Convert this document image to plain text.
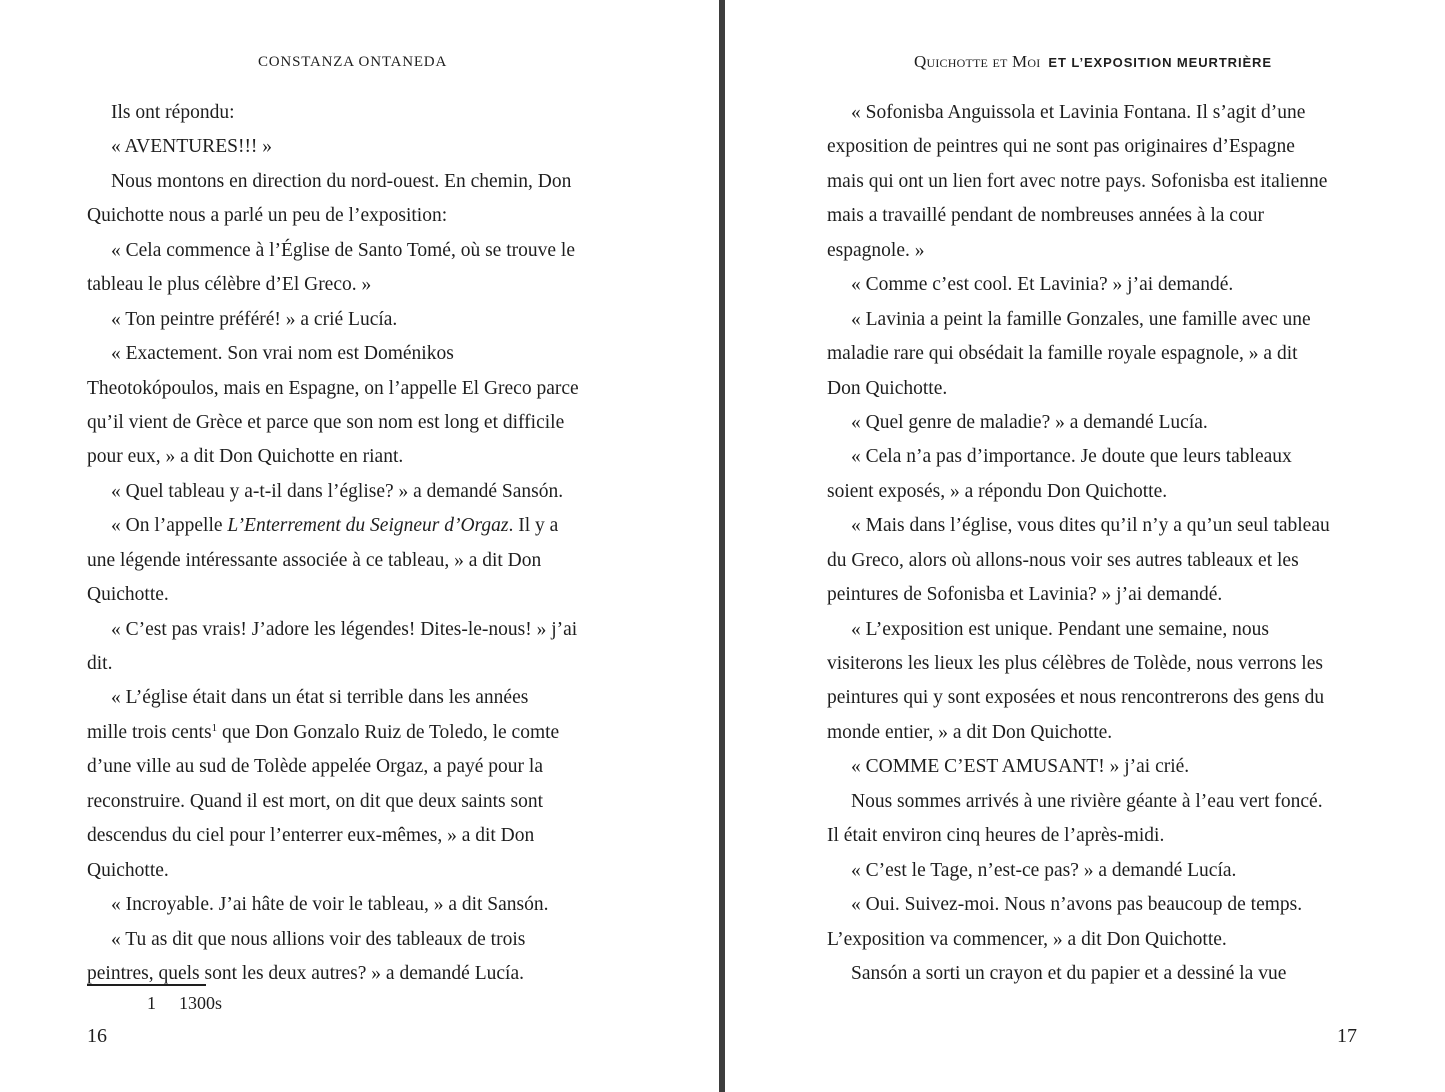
CONSTANZA ONTANEDA
Ils ont répondu:
« AVENTURES!!! »
Nous montons en direction du nord-ouest. En chemin, Don
Quichotte nous a parlé un peu de l’exposition:
« Cela commence à l’Église de Santo Tomé, où se trouve le
tableau le plus célèbre d’El Greco. »
« Ton peintre préféré! » a crié Lucía.
« Exactement. Son vrai nom est Doménikos
Theotokópoulos, mais en Espagne, on l’appelle El Greco parce
qu’il vient de Grèce et parce que son nom est long et difficile
pour eux, » a dit Don Quichotte en riant.
« Quel tableau y a-t-il dans l’église? » a demandé Sansón.
« On l’appelle L’Enterrement du Seigneur d’Orgaz. Il y a
une légende intéressante associée à ce tableau, » a dit Don
Quichotte.
« C’est pas vrais! J’adore les légendes! Dites-le-nous! » j’ai
dit.
« L’église était dans un état si terrible dans les années
mille trois cents$^1$ que Don Gonzalo Ruiz de Toledo, le comte
d’une ville au sud de Tolède appelée Orgaz, a payé pour la
reconstruire. Quand il est mort, on dit que deux saints sont
descendus du ciel pour l’enterrer eux-mêmes, » a dit Don
Quichotte.
« Incroyable. J’ai hâte de voir le tableau, » a dit Sansón.
« Tu as dit que nous allions voir des tableaux de trois
peintres, quels sont les deux autres? » a demandé Lucía.
1 1300s
16
Quichotte et Moi ET L’EXPOSITION MEURTRIÈRE
« Sofonisba Anguissola et Lavinia Fontana. Il s’agit d’une
exposition de peintres qui ne sont pas originaires d’Espagne
mais qui ont un lien fort avec notre pays. Sofonisba est italienne
mais a travaillé pendant de nombreuses années à la cour
espagnole. »
« Comme c’est cool. Et Lavinia? » j’ai demandé.
« Lavinia a peint la famille Gonzales, une famille avec une
maladie rare qui obsédait la famille royale espagnole, » a dit
Don Quichotte.
« Quel genre de maladie? » a demandé Lucía.
« Cela n’a pas d’importance. Je doute que leurs tableaux
soient exposés, » a répondu Don Quichotte.
« Mais dans l’église, vous dites qu’il n’y a qu’un seul tableau
du Greco, alors où allons-nous voir ses autres tableaux et les
peintures de Sofonisba et Lavinia? » j’ai demandé.
« L’exposition est unique. Pendant une semaine, nous
visiterons les lieux les plus célèbres de Tolède, nous verrons les
peintures qui y sont exposées et nous rencontrerons des gens du
monde entier, » a dit Don Quichotte.
« COMME C’EST AMUSANT! » j’ai crié.
Nous sommes arrivés à une rivière géante à l’eau vert foncé.
Il était environ cinq heures de l’après-midi.
« C’est le Tage, n’est-ce pas? » a demandé Lucía.
« Oui. Suivez-moi. Nous n’avons pas beaucoup de temps.
L’exposition va commencer, » a dit Don Quichotte.
Sansón a sorti un crayon et du papier et a dessiné la vue
17
